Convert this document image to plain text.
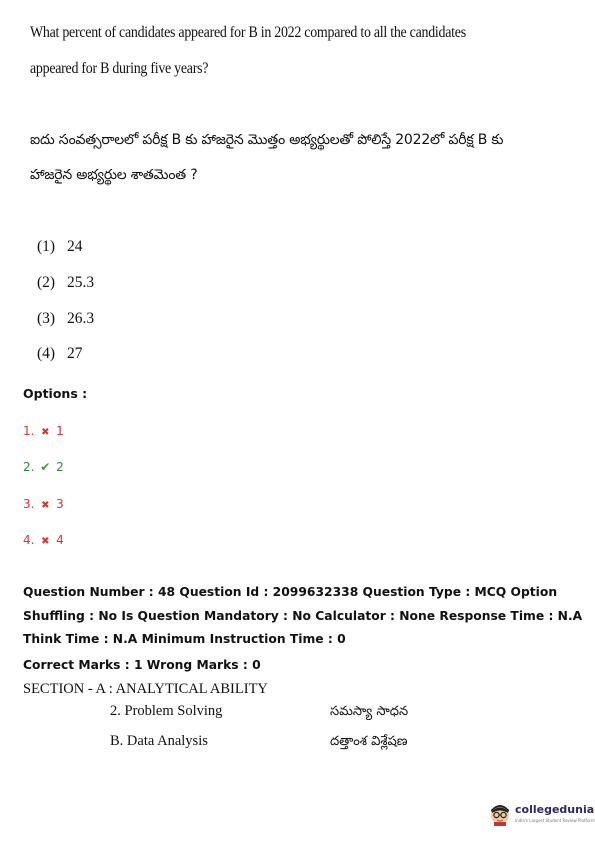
What percent of candidates appeared for B in 2022 compared to all the candidates
appeared for B during five years?
ఐదు సంవత్సరాలలో పరీక్ష B కు హాజరైన మొత్తం అభ్యర్థులతో పోలిస్తే 2022లో పరీక్ష B కు
హాజరైన అభ్యర్థుల శాతమెంత ?
(1) 24
(2) 25.3
(3) 26.3
(4) 27
Options :
1. ✖ 1
2. ✔ 2
3. ✖ 3
4. ✖ 4
Question Number : 48 Question Id : 2099632338 Question Type : MCQ Option Shuffling : No Is Question Mandatory : No Calculator : None Response Time : N.A Think Time : N.A Minimum Instruction Time : 0
Correct Marks : 1 Wrong Marks : 0
SECTION - A : ANALYTICAL ABILITY
2. Problem Solving	సమస్యా సాధన
B. Data Analysis	దత్తాంశ విశ్లేషణ
collegedunia
India's Largest Student Review Platform
